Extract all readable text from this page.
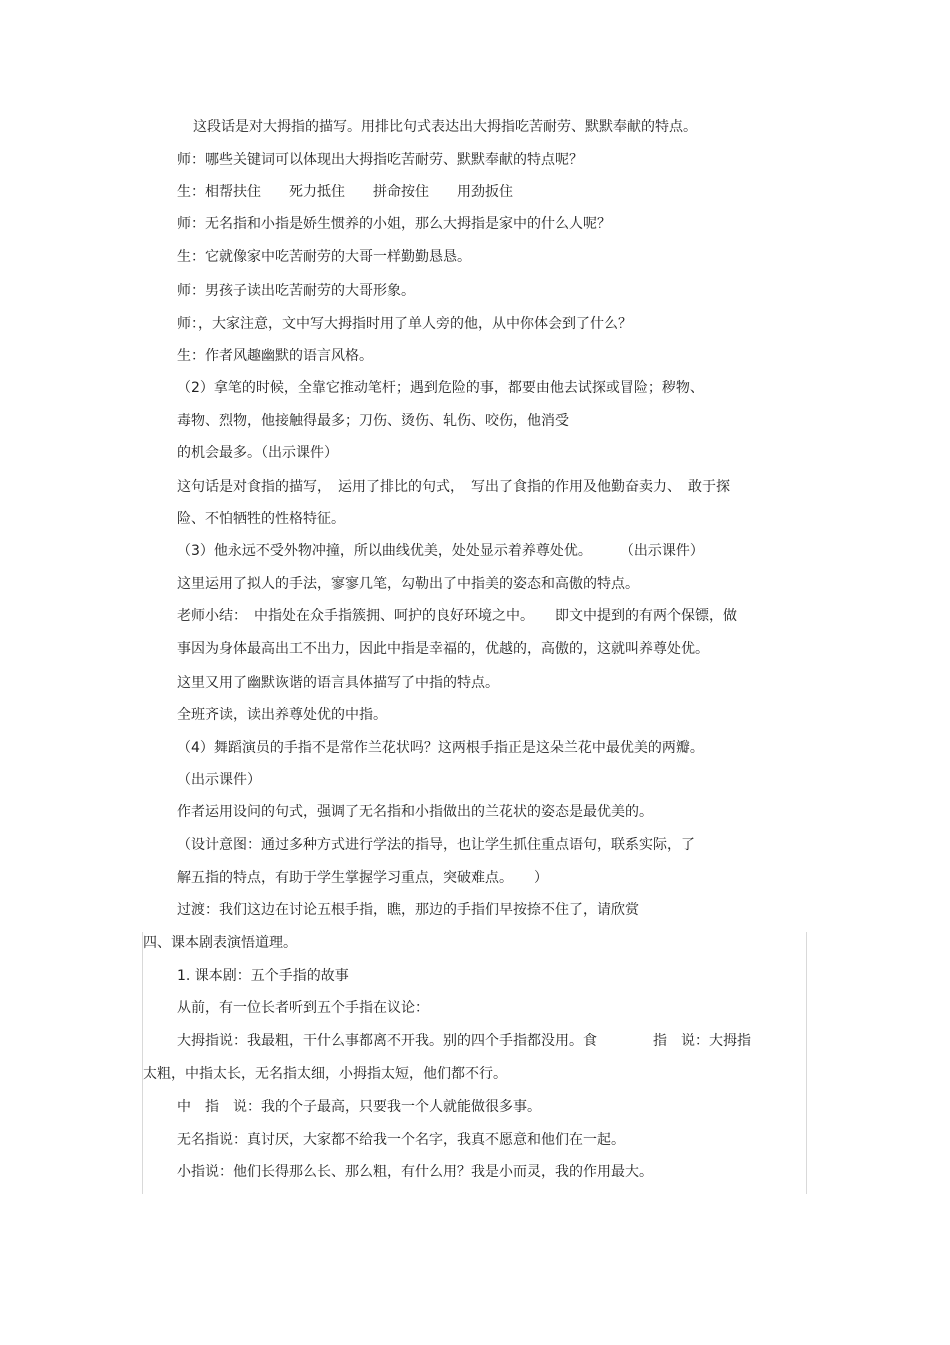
这段话是对大拇指的描写。用排比句式表达出大拇指吃苦耐劳、默默奉献的特点。
师：哪些关键词可以体现出大拇指吃苦耐劳、默默奉献的特点呢？
生：相帮扶住　　死力抵住　　拼命按住　　用劲扳住
师：无名指和小指是娇生惯养的小姐，那么大拇指是家中的什么人呢？
生：它就像家中吃苦耐劳的大哥一样勤勤恳恳。
师：男孩子读出吃苦耐劳的大哥形象。
师：，大家注意，文中写大拇指时用了单人旁的他，从中你体会到了什么？
生：作者风趣幽默的语言风格。
（2）拿笔的时候，全靠它推动笔杆；遇到危险的事，都要由他去试探或冒险；秽物、
毒物、烈物，他接触得最多；刀伤、烫伤、轧伤、咬伤，他消受
的机会最多。（出示课件）
这句话是对食指的描写，　运用了排比的句式，　写出了食指的作用及他勤奋卖力、　敢于探
险、不怕牺牲的性格特征。
（3）他永远不受外物冲撞，所以曲线优美，处处显示着养尊处优。　　　（出示课件）
这里运用了拟人的手法，寥寥几笔，勾勒出了中指美的姿态和高傲的特点。
老师小结：　中指处在众手指簇拥、呵护的良好环境之中。　　即文中提到的有两个保镖，做
事因为身体最高出工不出力，因此中指是幸福的，优越的，高傲的，这就叫养尊处优。
这里又用了幽默诙谐的语言具体描写了中指的特点。
全班齐读，读出养尊处优的中指。
（4）舞蹈演员的手指不是常作兰花状吗？这两根手指正是这朵兰花中最优美的两瓣。
（出示课件）
作者运用设问的句式，强调了无名指和小指做出的兰花状的姿态是最优美的。
（设计意图：通过多种方式进行学法的指导，也让学生抓住重点语句，联系实际，了
解五指的特点，有助于学生掌握学习重点，突破难点。　　）
过渡：我们这边在讨论五根手指，瞧，那边的手指们早按捺不住了，请欣赏
四、课本剧表演悟道理。
1. 课本剧：五个手指的故事
从前，有一位长者听到五个手指在议论：
大拇指说：我最粗，干什么事都离不开我。别的四个手指都没用。食　　　　指　说：大拇指
太粗，中指太长，无名指太细，小拇指太短，他们都不行。
中　指　说：我的个子最高，只要我一个人就能做很多事。
无名指说：真讨厌，大家都不给我一个名字，我真不愿意和他们在一起。
小指说：他们长得那么长、那么粗，有什么用？我是小而灵，我的作用最大。
